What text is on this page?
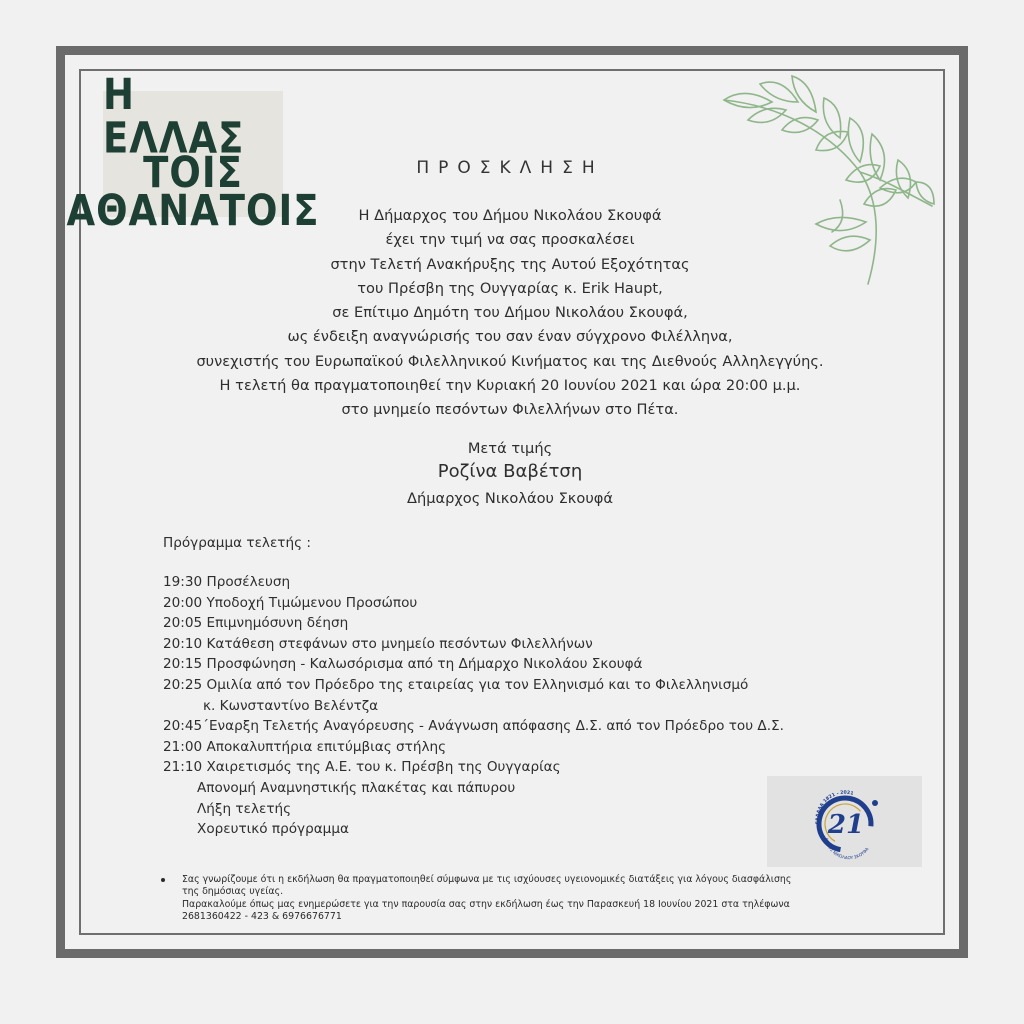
Η ΕΛΛΑΣ
ΤΟΙΣ
ΑΘΑΝΑΤΟΙΣ
ΠΡΟΣΚΛΗΣΗ
Η Δήμαρχος του Δήμου Νικολάου Σκουφά
έχει την τιμή να σας προσκαλέσει
στην Τελετή Ανακήρυξης της Αυτού Εξοχότητας
του Πρέσβη της Ουγγαρίας κ. Erik Haupt,
σε Επίτιμο Δημότη του Δήμου Νικολάου Σκουφά,
ως ένδειξη αναγνώρισής του σαν έναν σύγχρονο Φιλέλληνα,
συνεχιστής του Ευρωπαϊκού Φιλελληνικού Κινήματος και της Διεθνούς Αλληλεγγύης.
Η τελετή θα πραγματοποιηθεί την Κυριακή 20 Ιουνίου 2021 και ώρα 20:00 μ.μ.
στο μνημείο πεσόντων Φιλελλήνων στο Πέτα.
Μετά τιμής
Ροζίνα Βαβέτση
Δήμαρχος Νικολάου Σκουφά
Πρόγραμμα τελετής :
19:30 Προσέλευση
20:00 Υποδοχή Τιμώμενου Προσώπου
20:05 Επιμνημόσυνη δέηση
20:10 Κατάθεση στεφάνων στο μνημείο πεσόντων Φιλελλήνων
20:15 Προσφώνηση - Καλωσόρισμα από τη Δήμαρχο Νικολάου Σκουφά
20:25 Ομιλία από τον Πρόεδρο της εταιρείας για τον Ελληνισμό και το Φιλελληνισμό
κ. Κωνσταντίνο Βελέντζα
20:45΄Εναρξη Τελετής Αναγόρευσης - Ανάγνωση απόφασης Δ.Σ. από τον Πρόεδρο του Δ.Σ.
21:00 Αποκαλυπτήρια επιτύμβιας στήλης
21:10 Χαιρετισμός της Α.Ε. του κ. Πρέσβη της Ουγγαρίας
Απονομή Αναμνηστικής πλακέτας και πάπυρου
Λήξη τελετής
Χορευτικό πρόγραμμα	21
ΕΛΛΑΔΑ 1821 - 2021
ΔΗΜΟΣ ΝΙΚΟΛΑΟΥ ΣΚΟΥΦΑ
Σας γνωρίζουμε ότι η εκδήλωση θα πραγματοποιηθεί σύμφωνα με τις ισχύουσες υγειονομικές διατάξεις για λόγους διασφάλισης
της δημόσιας υγείας.
Παρακαλούμε όπως μας ενημερώσετε για την παρουσία σας στην εκδήλωση έως την Παρασκευή 18 Ιουνίου 2021 στα τηλέφωνα
2681360422 - 423 & 6976676771
